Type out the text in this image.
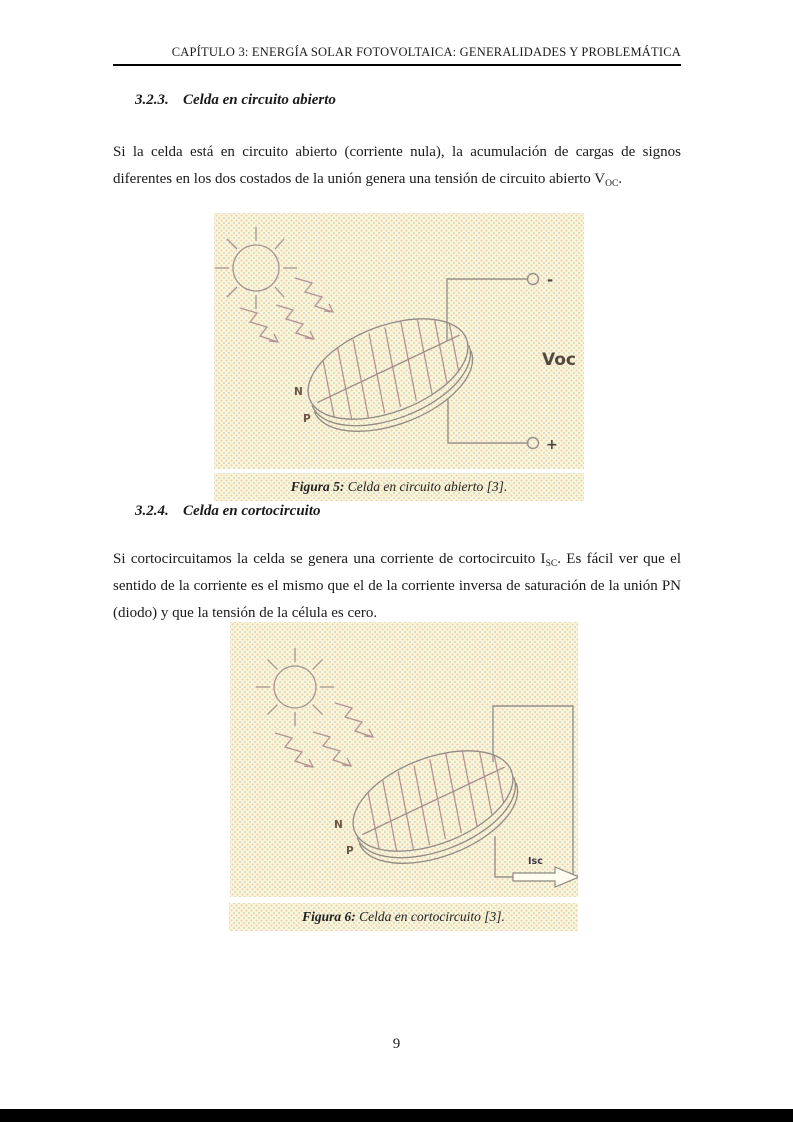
CAPÍTULO 3: ENERGÍA SOLAR FOTOVOLTAICA: GENERALIDADES Y PROBLEMÁTICA
3.2.3. Celda en circuito abierto

Si la celda está en circuito abierto (corriente nula), la acumulación de cargas de signos diferentes en los dos costados de la unión genera una tensión de circuito abierto $V_{OC}$.

N
P
-
+
Voc
Figura 5: Celda en circuito abierto [3].
3.2.4. Celda en cortocircuito

Si cortocircuitamos la celda se genera una corriente de cortocircuito $I_{SC}$. Es fácil ver que el sentido de la corriente es el mismo que el de la corriente inversa de saturación de la unión PN (diodo) y que la tensión de la célula es cero.

N
P
Isc
Figura 6: Celda en cortocircuito [3].
9
